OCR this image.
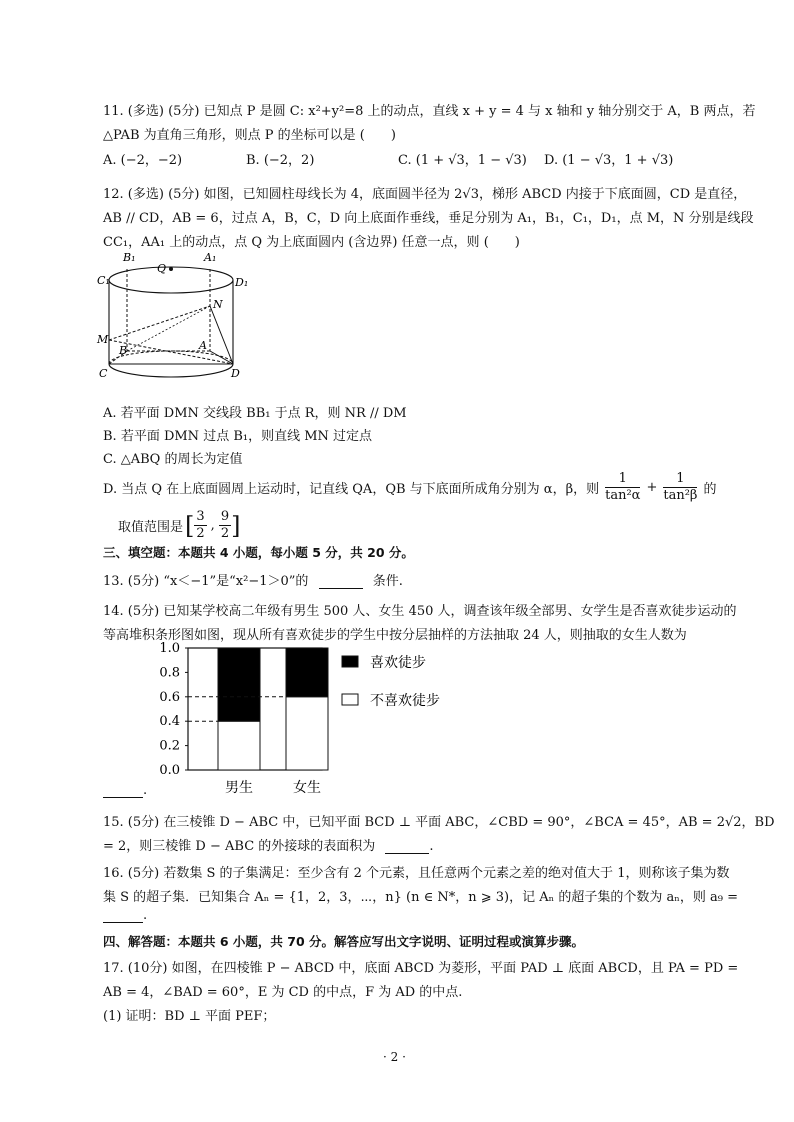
11. (多选) (5分) 已知点 P 是圆 C: x²+y²=8 上的动点，直线 x + y = 4 与 x 轴和 y 轴分别交于 A，B 两点，若
△PAB 为直角三角形，则点 P 的坐标可以是 (　　)
A. (−2，−2)	B. (−2，2)	C. (1 + √3，1 − √3) D. (1 − √3，1 + √3)
12. (多选) (5分) 如图，已知圆柱母线长为 4，底面圆半径为 2√3，梯形 ABCD 内接于下底面圆，CD 是直径，
AB // CD，AB = 6，过点 A，B，C，D 向上底面作垂线，垂足分别为 A₁，B₁，C₁，D₁，点 M，N 分别是线段
CC₁，AA₁ 上的动点，点 Q 为上底面圆内 (含边界) 任意一点，则 (　　)
B₁	A₁
Q
C₁	D₁
N
M
B	A
C	D
A. 若平面 DMN 交线段 BB₁ 于点 R，则 NR // DM
B. 若平面 DMN 过点 B₁，则直线 MN 过定点
C. △ABQ 的周长为定值
D. 当点 Q 在上底面圆周上运动时，记直线 QA，QB 与下底面所成角分别为 α，β，则 $\frac{1}{\text{tan²α}} + \frac{1}{\text{tan²β}}$ 的
取值范围是 [ $\frac{3}{2}$ , $\frac{9}{2}$ ]
三、填空题：本题共 4 小题，每小题 5 分，共 20 分。
13. (5分) “x＜−1”是“x²−1＞0”的	条件.
14. (5分) 已知某学校高二年级有男生 500 人、女生 450 人，调查该年级全部男、女学生是否喜欢徒步运动的
等高堆积条形图如图，现从所有喜欢徒步的学生中按分层抽样的方法抽取 24 人，则抽取的女生人数为
0.0
0.2
0.4
0.6
0.8
1.0
男生	女生
喜欢徒步
不喜欢徒步
.
15. (5分) 在三棱锥 D − ABC 中，已知平面 BCD ⊥ 平面 ABC，∠CBD = 90°，∠BCA = 45°，AB = 2√2，BD
= 2，则三棱锥 D − ABC 的外接球的表面积为	.
16. (5分) 若数集 S 的子集满足：至少含有 2 个元素，且任意两个元素之差的绝对值大于 1，则称该子集为数
集 S 的超子集．已知集合 Aₙ = {1，2，3，⋯，n} (n ∈ N*，n ⩾ 3)，记 Aₙ 的超子集的个数为 aₙ，则 a₉ =
.
四、解答题：本题共 6 小题，共 70 分。解答应写出文字说明、证明过程或演算步骤。
17. (10分) 如图，在四棱锥 P − ABCD 中，底面 ABCD 为菱形，平面 PAD ⊥ 底面 ABCD，且 PA = PD =
AB = 4，∠BAD = 60°，E 为 CD 的中点，F 为 AD 的中点.
(1) 证明：BD ⊥ 平面 PEF；
· 2 ·
